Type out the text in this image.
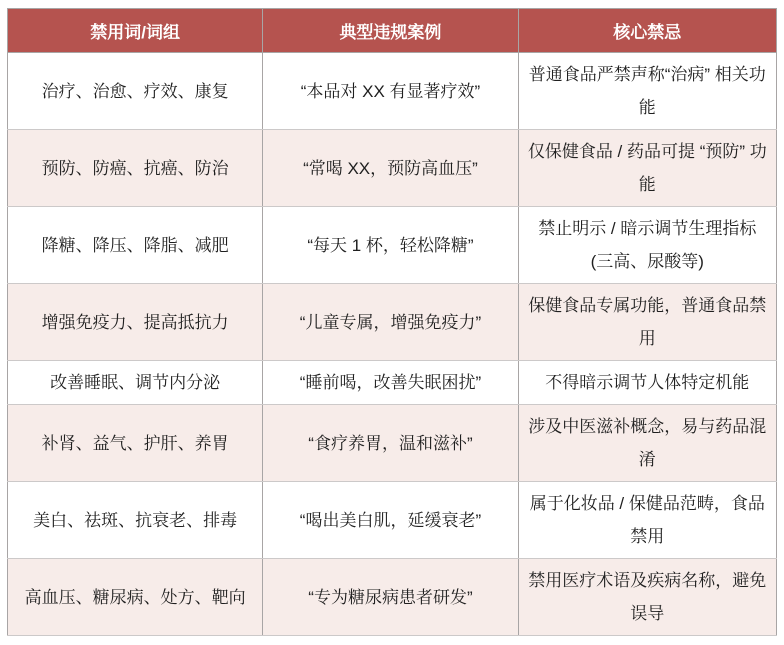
禁用词/词组	典型违规案例	核心禁忌
治疗、治愈、疗效、康复	“本品对 XX 有显著疗效”	普通食品严禁声称“治病” 相关功能
预防、防癌、抗癌、防治	“常喝 XX，预防高血压”	仅保健食品 / 药品可提 “预防” 功能
降糖、降压、降脂、减肥	“每天 1 杯，轻松降糖”	禁止明示 / 暗示调节生理指标 (三高、尿酸等)
增强免疫力、提高抵抗力	“儿童专属，增强免疫力”	保健食品专属功能，普通食品禁用
改善睡眠、调节内分泌	“睡前喝，改善失眠困扰”	不得暗示调节人体特定机能
补肾、益气、护肝、养胃	“食疗养胃，温和滋补”	涉及中医滋补概念，易与药品混淆
美白、祛斑、抗衰老、排毒	“喝出美白肌，延缓衰老”	属于化妆品 / 保健品范畴，食品禁用
高血压、糖尿病、处方、靶向	“专为糖尿病患者研发”	禁用医疗术语及疾病名称，避免误导
